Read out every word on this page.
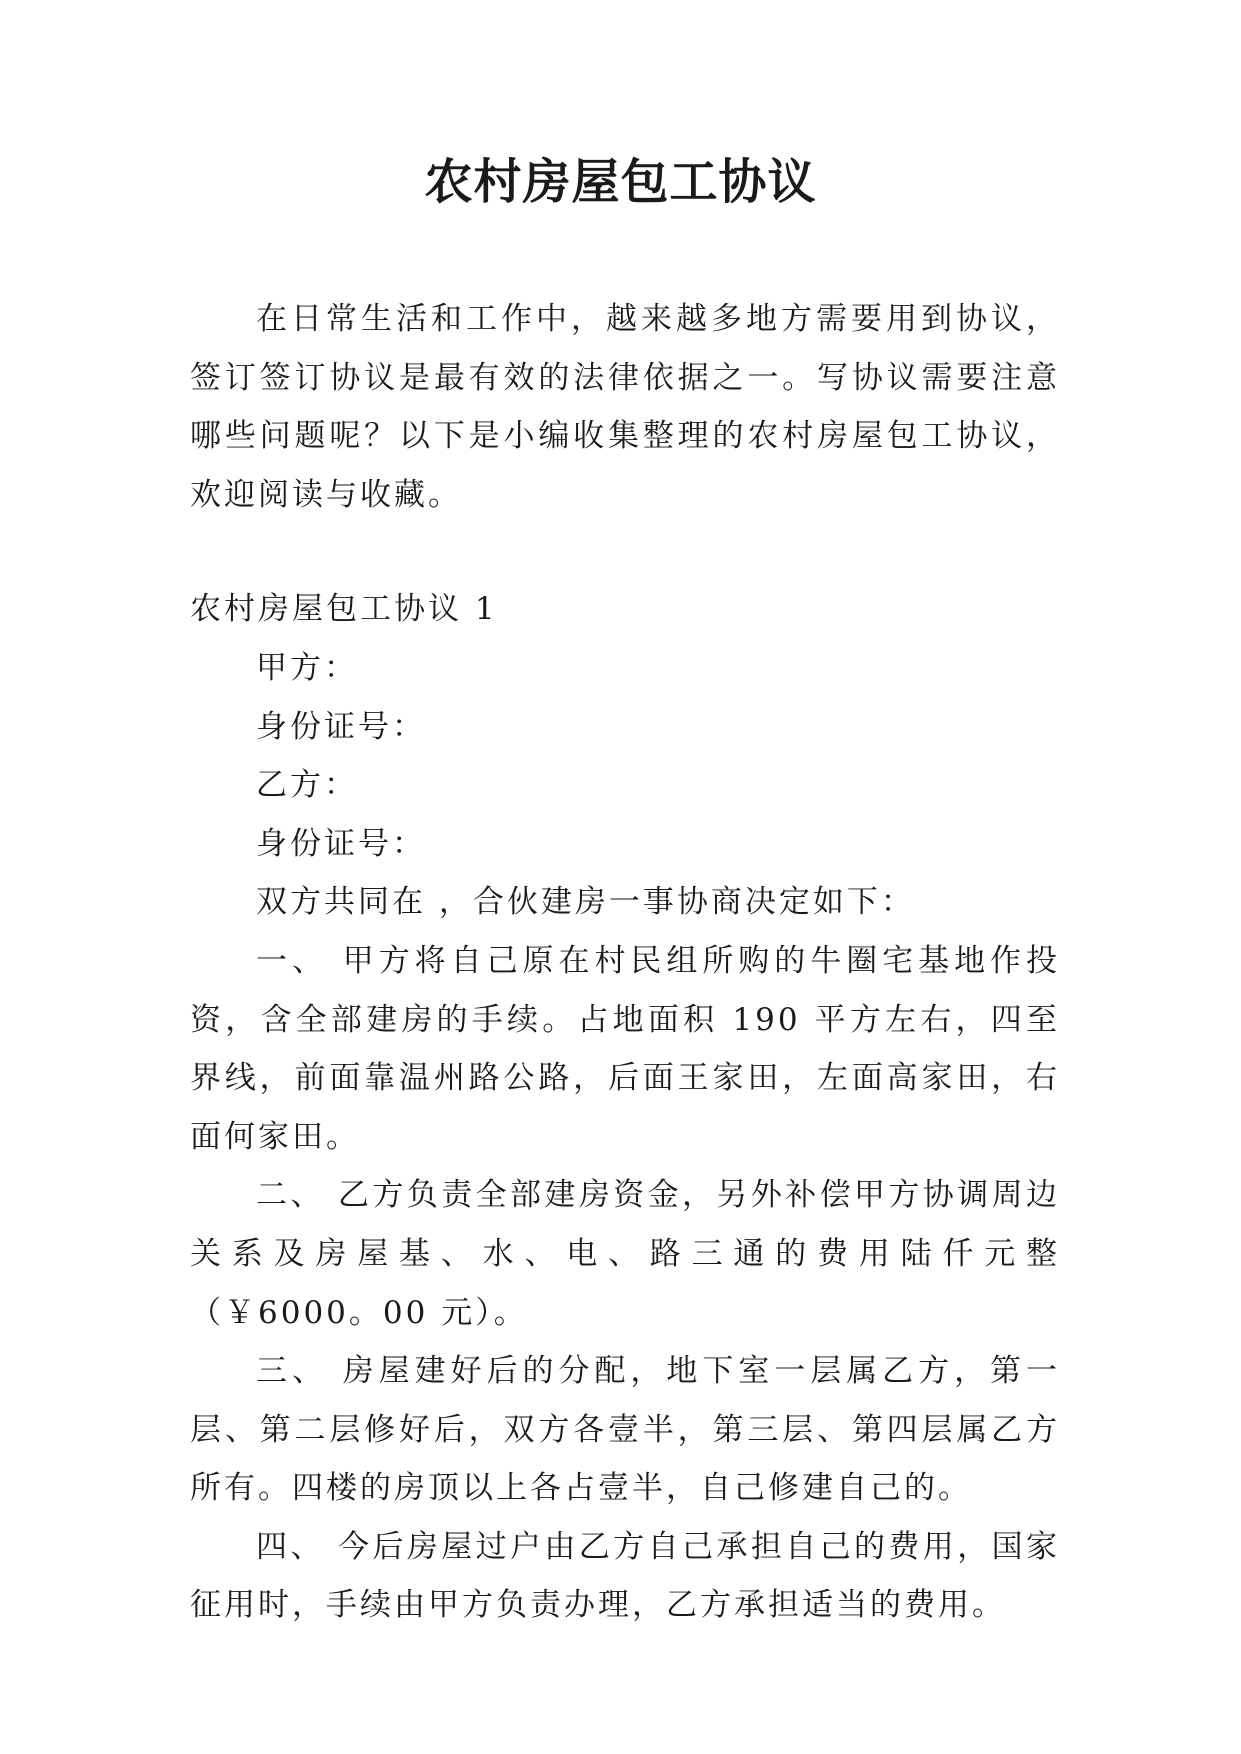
农村房屋包工协议

在日常生活和工作中，越来越多地方需要用到协议，签订签订协议是最有效的法律依据之一。写协议需要注意哪些问题呢？以下是小编收集整理的农村房屋包工协议，欢迎阅读与收藏。

农村房屋包工协议 1

甲方：

身份证号：

乙方：

身份证号：

双方共同在 ，合伙建房一事协商决定如下：

一、 甲方将自己原在村民组所购的牛圈宅基地作投资，含全部建房的手续。占地面积 190 平方左右，四至界线，前面靠温州路公路，后面王家田，左面高家田，右面何家田。

二、 乙方负责全部建房资金，另外补偿甲方协调周边关系及房屋基、水、电、路三通的费用陆仟元整（￥6000。00 元）。

三、 房屋建好后的分配，地下室一层属乙方，第一层、第二层修好后，双方各壹半，第三层、第四层属乙方所有。四楼的房顶以上各占壹半，自己修建自己的。

四、 今后房屋过户由乙方自己承担自己的费用，国家征用时，手续由甲方负责办理，乙方承担适当的费用。
